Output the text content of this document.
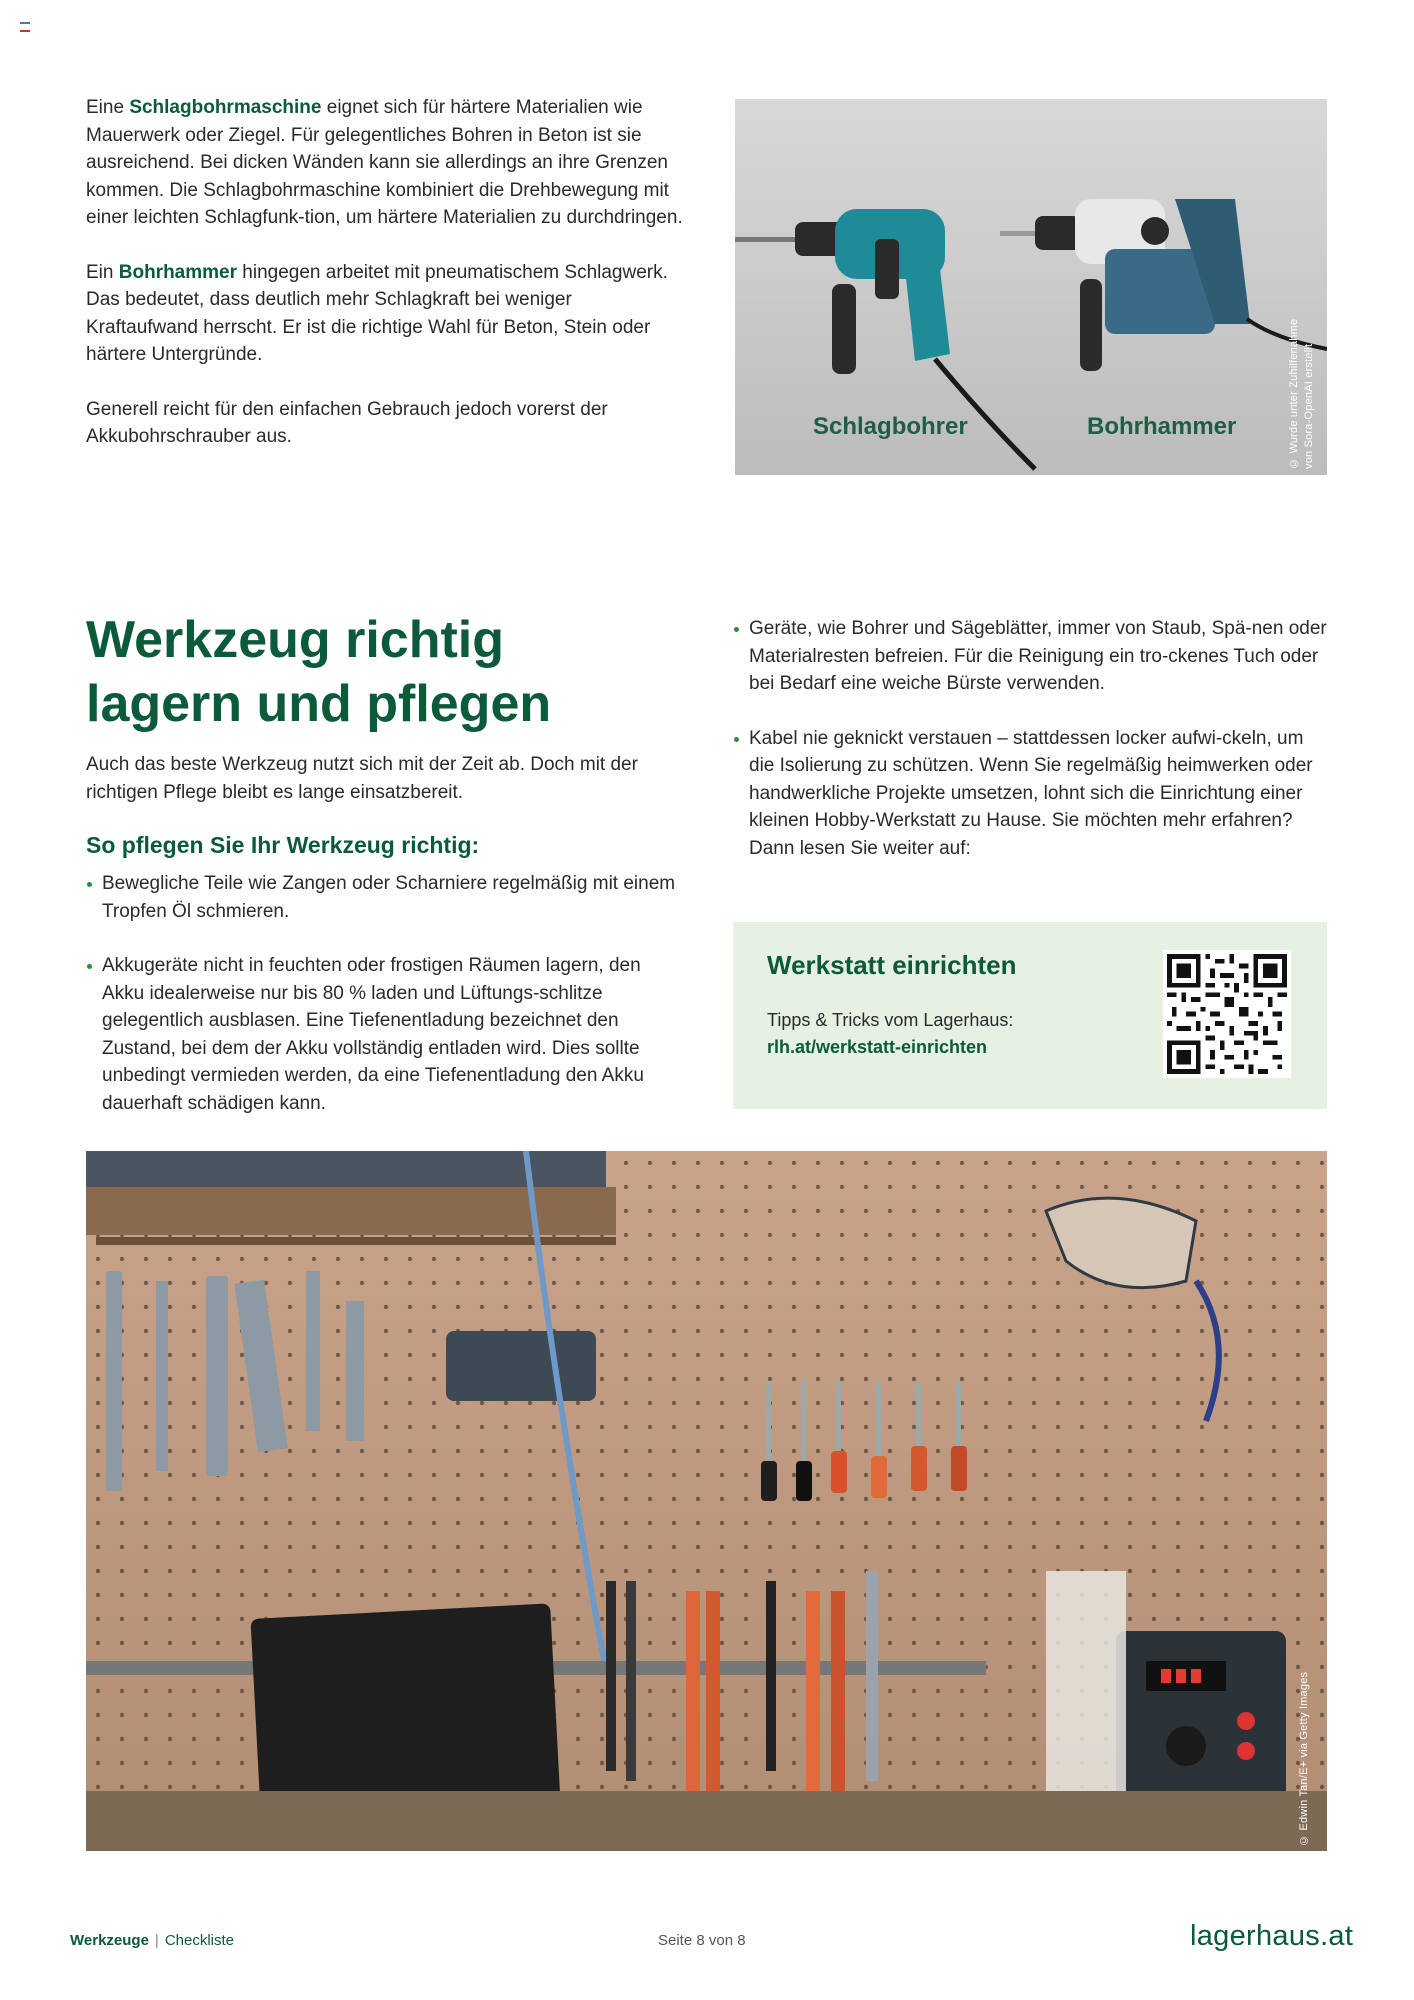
Eine Schlagbohrmaschine eignet sich für härtere Materialien wie Mauerwerk oder Ziegel. Für gelegentliches Bohren in Beton ist sie ausreichend. Bei dicken Wänden kann sie allerdings an ihre Grenzen kommen. Die Schlagbohrmaschine kombiniert die Drehbewegung mit einer leichten Schlagfunk-tion, um härtere Materialien zu durchdringen.

Ein Bohrhammer hingegen arbeitet mit pneumatischem Schlagwerk. Das bedeutet, dass deutlich mehr Schlagkraft bei weniger Kraftaufwand herrscht. Er ist die richtige Wahl für Beton, Stein oder härtere Untergründe.

Generell reicht für den einfachen Gebrauch jedoch vorerst der Akkubohrschrauber aus.	Schlagbohrer	Bohrhammer	© Wurde unter Zuhilfenahme von Sora-OpenAI erstellt
Werkzeug richtig lagern und pflegen

Auch das beste Werkzeug nutzt sich mit der Zeit ab. Doch mit der richtigen Pflege bleibt es lange einsatzbereit.

So pflegen Sie Ihr Werkzeug richtig:
Bewegliche Teile wie Zangen oder Scharniere regelmäßig mit einem Tropfen Öl schmieren.
Akkugeräte nicht in feuchten oder frostigen Räumen lagern, den Akku idealerweise nur bis 80 % laden und Lüftungs-schlitze gelegentlich ausblasen. Eine Tiefenentladung bezeichnet den Zustand, bei dem der Akku vollständig entladen wird. Dies sollte unbedingt vermieden werden, da eine Tiefenentladung den Akku dauerhaft schädigen kann.
Geräte, wie Bohrer und Sägeblätter, immer von Staub, Spä-nen oder Materialresten befreien. Für die Reinigung ein tro-ckenes Tuch oder bei Bedarf eine weiche Bürste verwenden.
Kabel nie geknickt verstauen – stattdessen locker aufwi-ckeln, um die Isolierung zu schützen. Wenn Sie regelmäßig heimwerken oder handwerkliche Projekte umsetzen, lohnt sich die Einrichtung einer kleinen Hobby-Werkstatt zu Hause. Sie möchten mehr erfahren? Dann lesen Sie weiter auf:
Werkstatt einrichten
Tipps & Tricks vom Lagerhaus:
rlh.at/werkstatt-einrichten
© Edwin Tan/E+ via Getty Images
Werkzeuge | Checkliste	Seite 8 von 8	lagerhaus.at
